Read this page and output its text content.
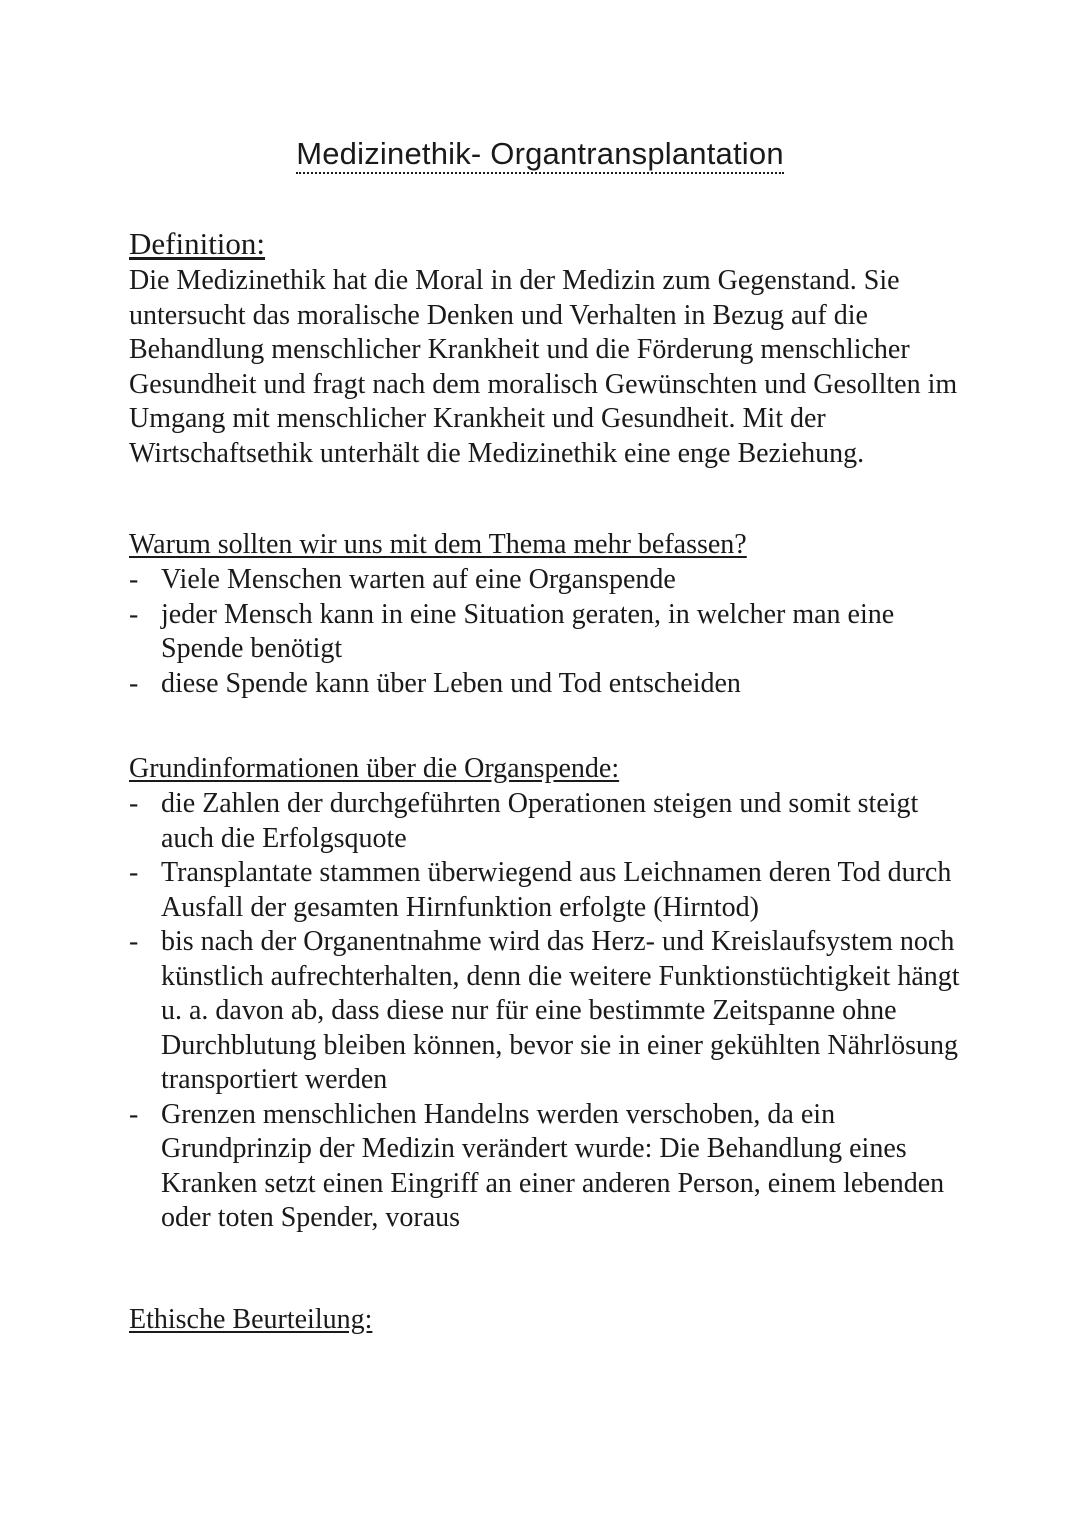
Medizinethik- Organtransplantation

Definition:

Die Medizinethik hat die Moral in der Medizin zum Gegenstand. Sie untersucht das moralische Denken und Verhalten in Bezug auf die Behandlung menschlicher Krankheit und die Förderung menschlicher Gesundheit und fragt nach dem moralisch Gewünschten und Gesollten im Umgang mit menschlicher Krankheit und Gesundheit. Mit der Wirtschaftsethik unterhält die Medizinethik eine enge Beziehung.

Warum sollten wir uns mit dem Thema mehr befassen?

- Viele Menschen warten auf eine Organspende
- jeder Mensch kann in eine Situation geraten, in welcher man eine Spende benötigt
- diese Spende kann über Leben und Tod entscheiden

Grundinformationen über die Organspende:

- die Zahlen der durchgeführten Operationen steigen und somit steigt auch die Erfolgsquote
- Transplantate stammen überwiegend aus Leichnamen deren Tod durch Ausfall der gesamten Hirnfunktion erfolgte (Hirntod)
- bis nach der Organentnahme wird das Herz- und Kreislaufsystem noch künstlich aufrechterhalten, denn die weitere Funktionstüchtigkeit hängt u. a. davon ab, dass diese nur für eine bestimmte Zeitspanne ohne Durchblutung bleiben können, bevor sie in einer gekühlten Nährlösung transportiert werden
- Grenzen menschlichen Handelns werden verschoben, da ein Grundprinzip der Medizin verändert wurde: Die Behandlung eines Kranken setzt einen Eingriff an einer anderen Person, einem lebenden oder toten Spender, voraus

Ethische Beurteilung:
